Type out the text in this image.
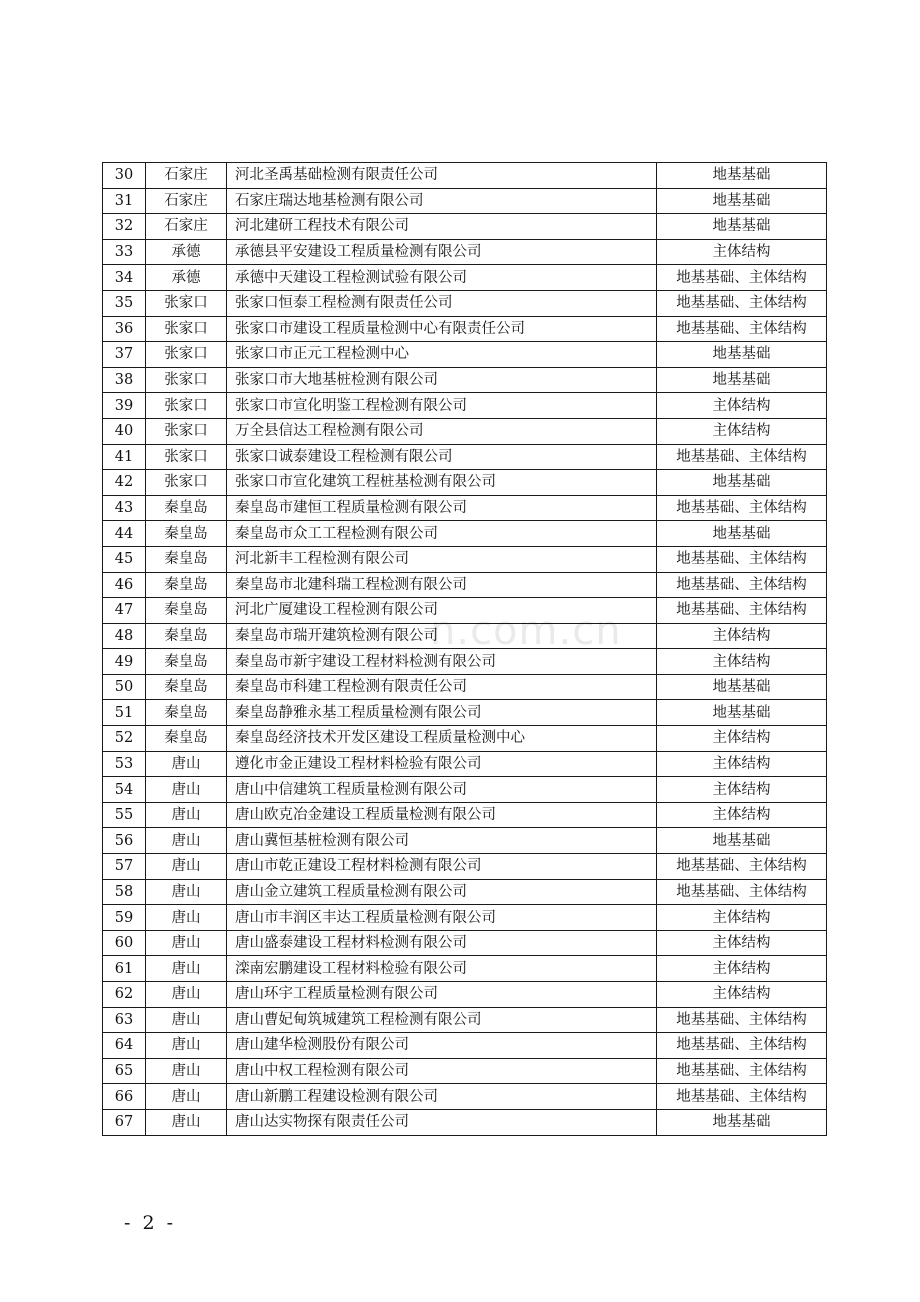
30	石家庄	河北圣禹基础检测有限责任公司	地基基础
31	石家庄	石家庄瑞达地基检测有限公司	地基基础
32	石家庄	河北建研工程技术有限公司	地基基础
33	承德	承德县平安建设工程质量检测有限公司	主体结构
34	承德	承德中天建设工程检测试验有限公司	地基基础、主体结构
35	张家口	张家口恒泰工程检测有限责任公司	地基基础、主体结构
36	张家口	张家口市建设工程质量检测中心有限责任公司	地基基础、主体结构
37	张家口	张家口市正元工程检测中心	地基基础
38	张家口	张家口市大地基桩检测有限公司	地基基础
39	张家口	张家口市宣化明鉴工程检测有限公司	主体结构
40	张家口	万全县信达工程检测有限公司	主体结构
41	张家口	张家口诚泰建设工程检测有限公司	地基基础、主体结构
42	张家口	张家口市宣化建筑工程桩基检测有限公司	地基基础
43	秦皇岛	秦皇岛市建恒工程质量检测有限公司	地基基础、主体结构
44	秦皇岛	秦皇岛市众工工程检测有限公司	地基基础
45	秦皇岛	河北新丰工程检测有限公司	地基基础、主体结构
46	秦皇岛	秦皇岛市北建科瑞工程检测有限公司	地基基础、主体结构
47	秦皇岛	河北广厦建设工程检测有限公司	地基基础、主体结构
48	秦皇岛	秦皇岛市瑞开建筑检测有限公司	主体结构
49	秦皇岛	秦皇岛市新宇建设工程材料检测有限公司	主体结构
50	秦皇岛	秦皇岛市科建工程检测有限责任公司	地基基础
51	秦皇岛	秦皇岛静雅永基工程质量检测有限公司	地基基础
52	秦皇岛	秦皇岛经济技术开发区建设工程质量检测中心	主体结构
53	唐山	遵化市金正建设工程材料检验有限公司	主体结构
54	唐山	唐山中信建筑工程质量检测有限公司	主体结构
55	唐山	唐山欧克冶金建设工程质量检测有限公司	主体结构
56	唐山	唐山冀恒基桩检测有限公司	地基基础
57	唐山	唐山市乾正建设工程材料检测有限公司	地基基础、主体结构
58	唐山	唐山金立建筑工程质量检测有限公司	地基基础、主体结构
59	唐山	唐山市丰润区丰达工程质量检测有限公司	主体结构
60	唐山	唐山盛泰建设工程材料检测有限公司	主体结构
61	唐山	滦南宏鹏建设工程材料检验有限公司	主体结构
62	唐山	唐山环宇工程质量检测有限公司	主体结构
63	唐山	唐山曹妃甸筑城建筑工程检测有限公司	地基基础、主体结构
64	唐山	唐山建华检测股份有限公司	地基基础、主体结构
65	唐山	唐山中权工程检测有限公司	地基基础、主体结构
66	唐山	唐山新鹏工程建设检测有限公司	地基基础、主体结构
67	唐山	唐山达实物探有限责任公司	地基基础
n.com.cn
- 2 -
